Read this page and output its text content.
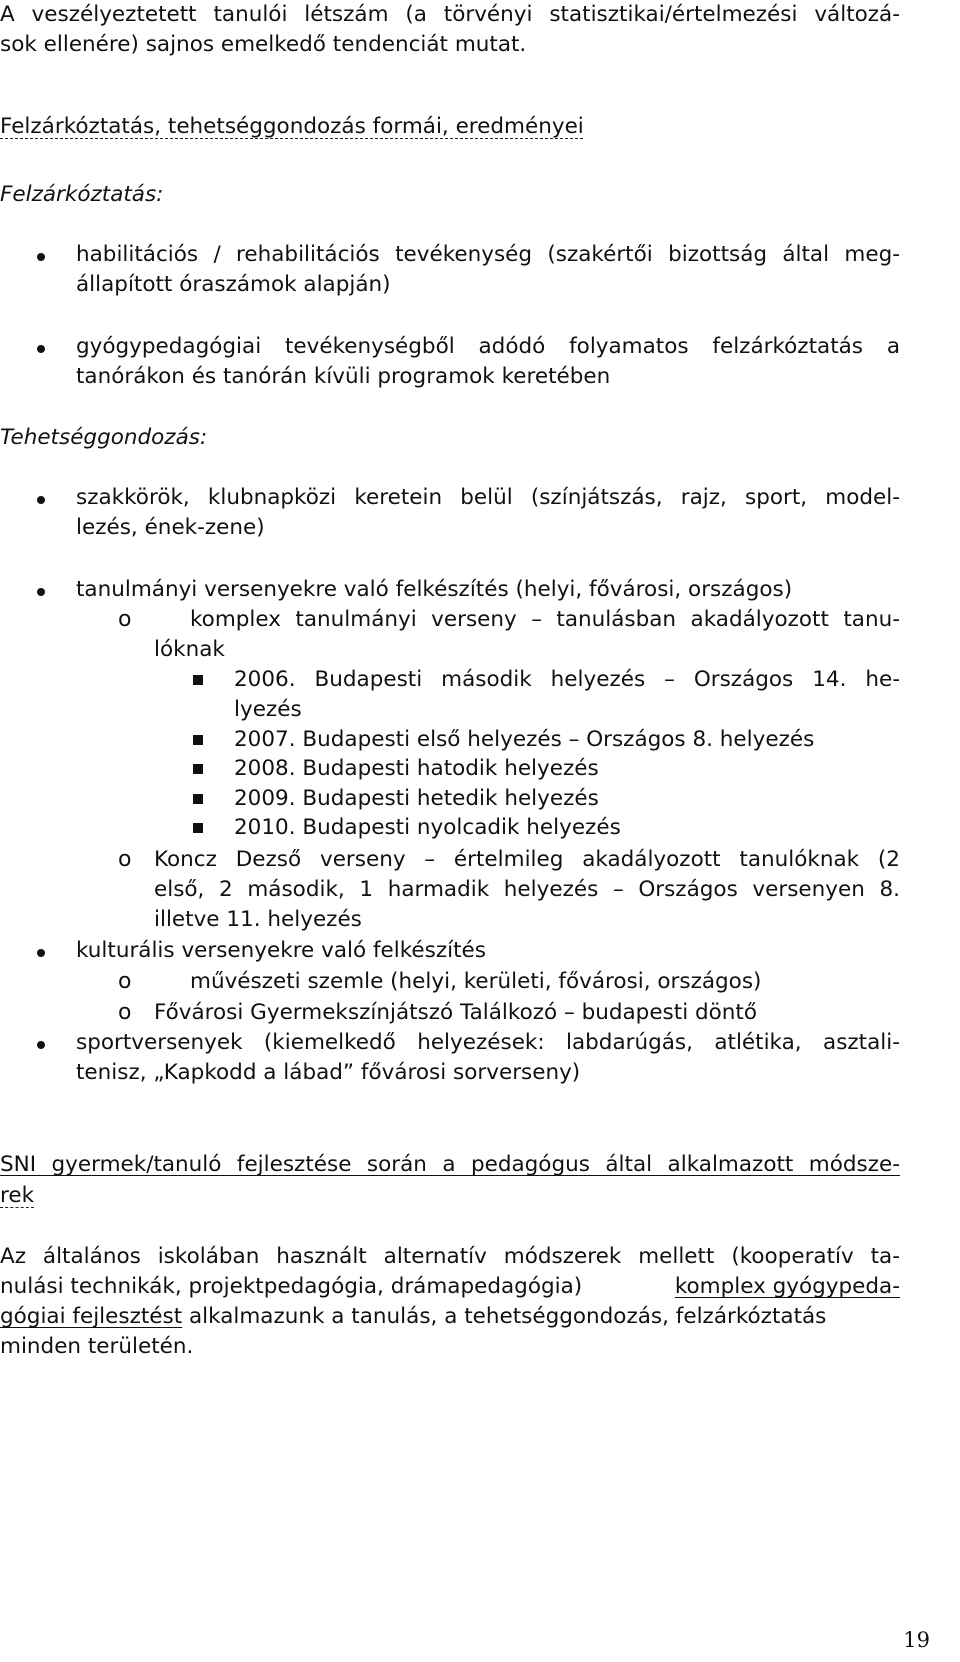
A veszélyeztetett tanulói létszám (a törvényi statisztikai/értelmezési változá-
sok ellenére) sajnos emelkedő tendenciát mutat.
Felzárkóztatás, tehetséggondozás formái, eredményei
Felzárkóztatás:
habilitációs / rehabilitációs tevékenység (szakértői bizottság által meg-
állapított óraszámok alapján)
gyógypedagógiai tevékenységből adódó folyamatos felzárkóztatás a
tanórákon és tanórán kívüli programok keretében
Tehetséggondozás:
szakkörök, klubnapközi keretein belül (színjátszás, rajz, sport, model-
lezés, ének-zene)
tanulmányi versenyekre való felkészítés (helyi, fővárosi, országos)
o	komplex tanulmányi verseny – tanulásban akadályozott tanu-
lóknak
2006. Budapesti második helyezés – Országos 14. he-
lyezés
2007. Budapesti első helyezés – Országos 8. helyezés
2008. Budapesti hatodik helyezés
2009. Budapesti hetedik helyezés
2010. Budapesti nyolcadik helyezés
o Koncz Dezső verseny – értelmileg akadályozott tanulóknak (2
első, 2 második, 1 harmadik helyezés – Országos versenyen 8.
illetve 11. helyezés
kulturális versenyekre való felkészítés
o	művészeti szemle (helyi, kerületi, fővárosi, országos)
o Fővárosi Gyermekszínjátszó Találkozó – budapesti döntő
sportversenyek (kiemelkedő helyezések: labdarúgás, atlétika, asztali-
tenisz, „Kapkodd a lábad” fővárosi sorverseny)
SNI gyermek/tanuló fejlesztése során a pedagógus által alkalmazott módsze-
rek
Az általános iskolában használt alternatív módszerek mellett (kooperatív ta-
nulási technikák, projektpedagógia, drámapedagógia)	komplex gyógypeda-
gógiai fejlesztést alkalmazunk a tanulás, a tehetséggondozás, felzárkóztatás
minden területén.
19
